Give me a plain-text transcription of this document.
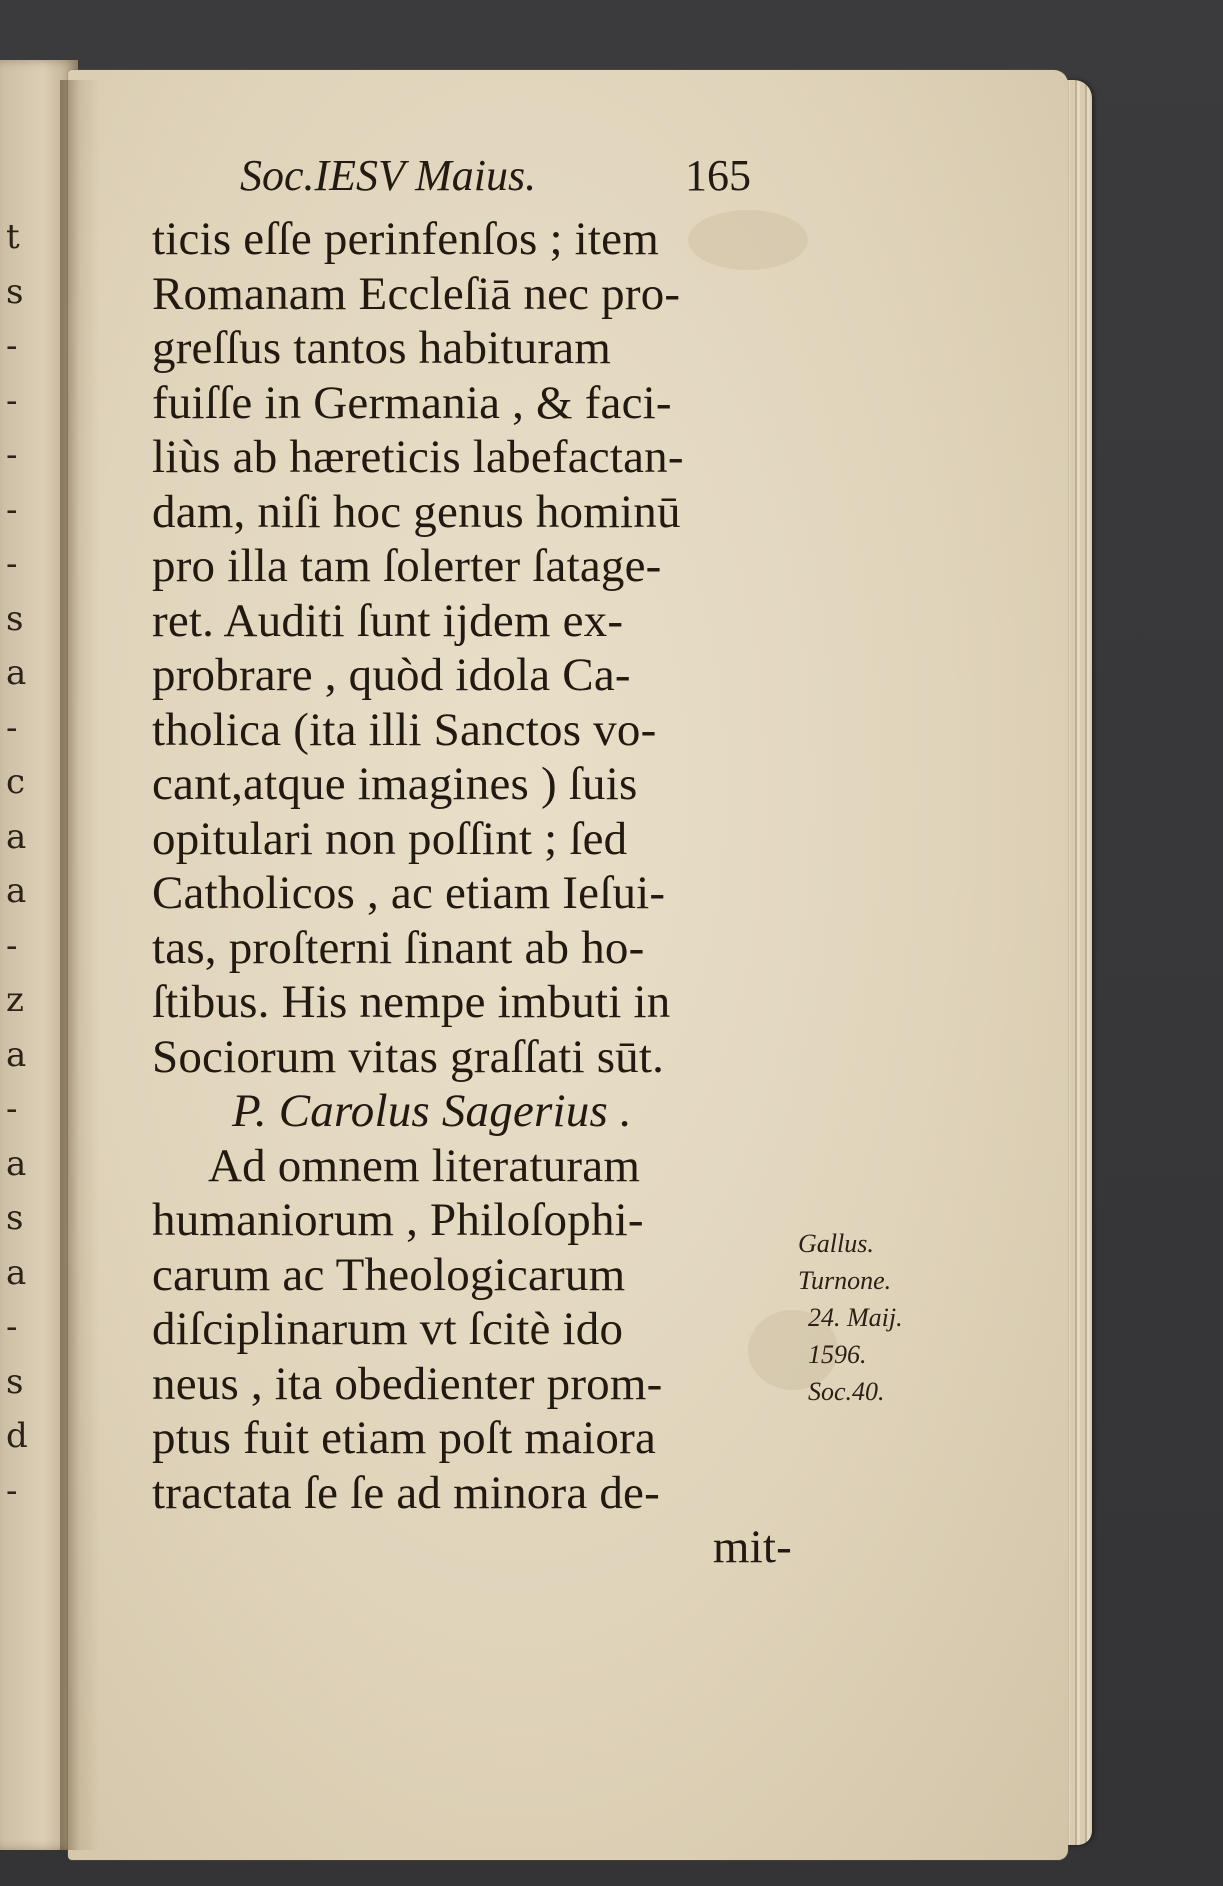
t
s
-
-
-
-
-
s
a
-
c
a
a
-
z
a
-
a
s
a
-
s
d
-
Soc.IESV Maius.	165
ticis eſſe perinfenſos ; item
Romanam Eccleſiā nec pro-
greſſus tantos habituram
fuiſſe in Germania , & faci-
liùs ab hæreticis labefactan-
dam, niſi hoc genus hominū
pro illa tam ſolerter ſatage-
ret. Auditi ſunt ijdem ex-
probrare , quòd idola Ca-
tholica (ita illi Sanctos vo-
cant,atque imagines ) ſuis
opitulari non poſſint ; ſed
Catholicos , ac etiam Ieſui-
tas, proſterni ſinant ab ho-
ſtibus. His nempe imbuti in
Sociorum vitas graſſati sūt.
P. Carolus Sagerius .
Ad omnem literaturam
humaniorum , Philoſophi-
carum ac Theologicarum
diſciplinarum vt ſcitè ido
neus , ita obedienter prom-
ptus fuit etiam poſt maiora
tractata ſe ſe ad minora de-
mit-
Gallus.
Turnone.
24. Maij.
1596.
Soc.40.
